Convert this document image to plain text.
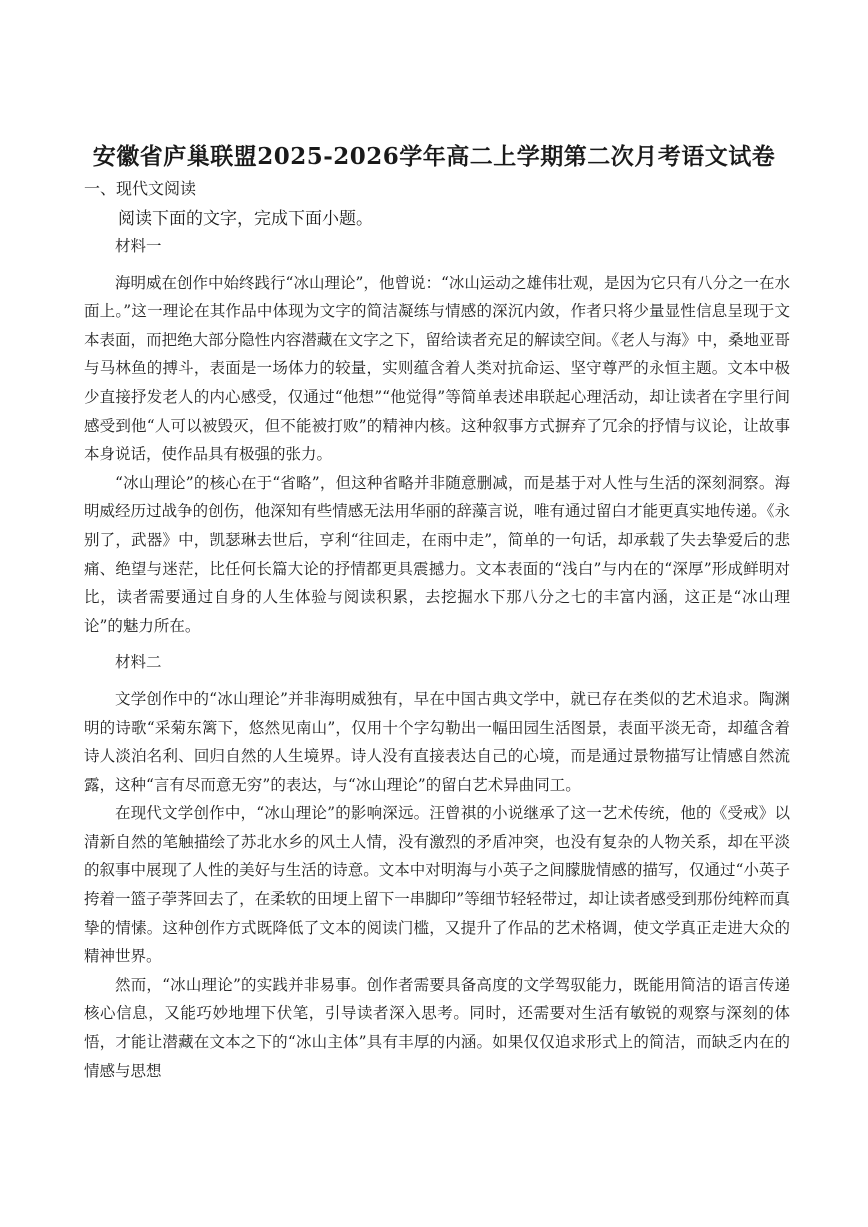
安徽省庐巢联盟2025-2026学年高二上学期第二次月考语文试卷
一、现代文阅读
阅读下面的文字，完成下面小题。

材料一

海明威在创作中始终践行“冰山理论”，他曾说：“冰山运动之雄伟壮观，是因为它只有八分之一在水面上。”这一理论在其作品中体现为文字的简洁凝练与情感的深沉内敛，作者只将少量显性信息呈现于文本表面，而把绝大部分隐性内容潜藏在文字之下，留给读者充足的解读空间。《老人与海》中，桑地亚哥与马林鱼的搏斗，表面是一场体力的较量，实则蕴含着人类对抗命运、坚守尊严的永恒主题。文本中极少直接抒发老人的内心感受，仅通过“他想”“他觉得”等简单表述串联起心理活动，却让读者在字里行间感受到他“人可以被毁灭，但不能被打败”的精神内核。这种叙事方式摒弃了冗余的抒情与议论，让故事本身说话，使作品具有极强的张力。

“冰山理论”的核心在于“省略”，但这种省略并非随意删减，而是基于对人性与生活的深刻洞察。海明威经历过战争的创伤，他深知有些情感无法用华丽的辞藻言说，唯有通过留白才能更真实地传递。《永别了，武器》中，凯瑟琳去世后，亨利“往回走，在雨中走”，简单的一句话，却承载了失去挚爱后的悲痛、绝望与迷茫，比任何长篇大论的抒情都更具震撼力。文本表面的“浅白”与内在的“深厚”形成鲜明对比，读者需要通过自身的人生体验与阅读积累，去挖掘水下那八分之七的丰富内涵，这正是“冰山理论”的魅力所在。

材料二

文学创作中的“冰山理论”并非海明威独有，早在中国古典文学中，就已存在类似的艺术追求。陶渊明的诗歌“采菊东篱下，悠然见南山”，仅用十个字勾勒出一幅田园生活图景，表面平淡无奇，却蕴含着诗人淡泊名利、回归自然的人生境界。诗人没有直接表达自己的心境，而是通过景物描写让情感自然流露，这种“言有尽而意无穷”的表达，与“冰山理论”的留白艺术异曲同工。

在现代文学创作中，“冰山理论”的影响深远。汪曾祺的小说继承了这一艺术传统，他的《受戒》以清新自然的笔触描绘了苏北水乡的风土人情，没有激烈的矛盾冲突，也没有复杂的人物关系，却在平淡的叙事中展现了人性的美好与生活的诗意。文本中对明海与小英子之间朦胧情感的描写，仅通过“小英子挎着一篮子荸荠回去了，在柔软的田埂上留下一串脚印”等细节轻轻带过，却让读者感受到那份纯粹而真挚的情愫。这种创作方式既降低了文本的阅读门槛，又提升了作品的艺术格调，使文学真正走进大众的精神世界。

然而，“冰山理论”的实践并非易事。创作者需要具备高度的文学驾驭能力，既能用简洁的语言传递核心信息，又能巧妙地埋下伏笔，引导读者深入思考。同时，还需要对生活有敏锐的观察与深刻的体悟，才能让潜藏在文本之下的“冰山主体”具有丰厚的内涵。如果仅仅追求形式上的简洁，而缺乏内在的情感与思想
